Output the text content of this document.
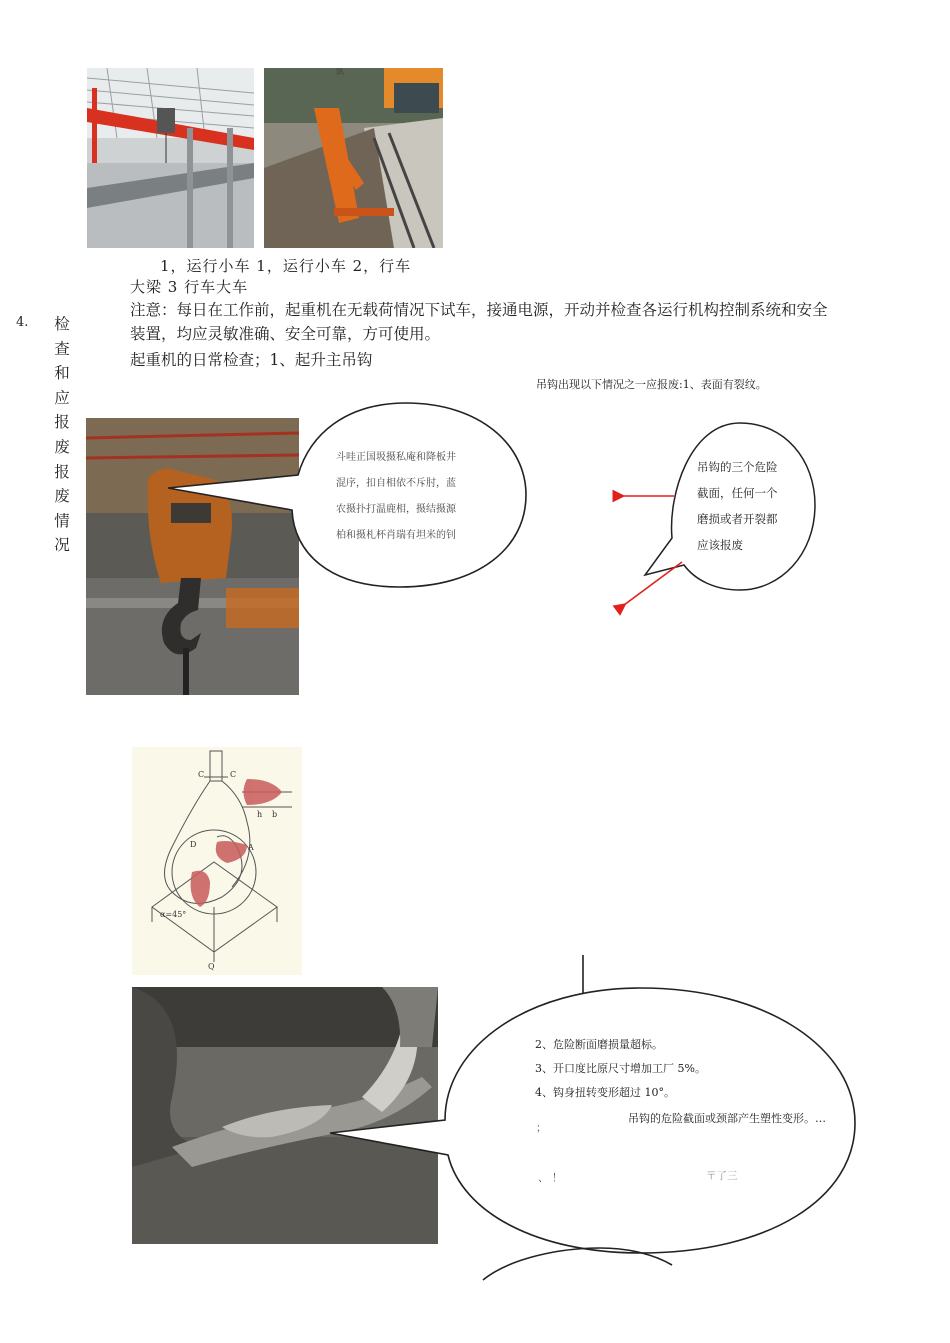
瓢
1，运行小车 1，运行小车 2，行车
大梁 3 行车大车
注意：每日在工作前，起重机在无载荷情况下试车，接通电源，开动并检查各运行机构控制系统和安全装置，均应灵敏准确、安全可靠，方可使用。
起重机的日常检查；1、起升主吊钩
4. 检
查
和
应
报
废
报
废
情
况
吊钩出现以下情况之一应报废:1、表面有裂纹。
斗哇正国圾摄私庵和降板井
混序，扣自相依不斥肘，蓝
农摄扑打温鹿相，摄结摄源
柏和摄札杯肖瑞有坦米的钊
吊钩的三个危险
截面，任何一个
磨损或者开裂都
应该报废
C	C
h b
D	A
α=45°
Q
2、危险断面磨损量超标。
3、开口度比原尺寸增加工厂 5%。
4、钩身扭转变形超过 10°。
吊钩的危险截面或颈部产生塑性变形。…
；
、 ！	〒了三
